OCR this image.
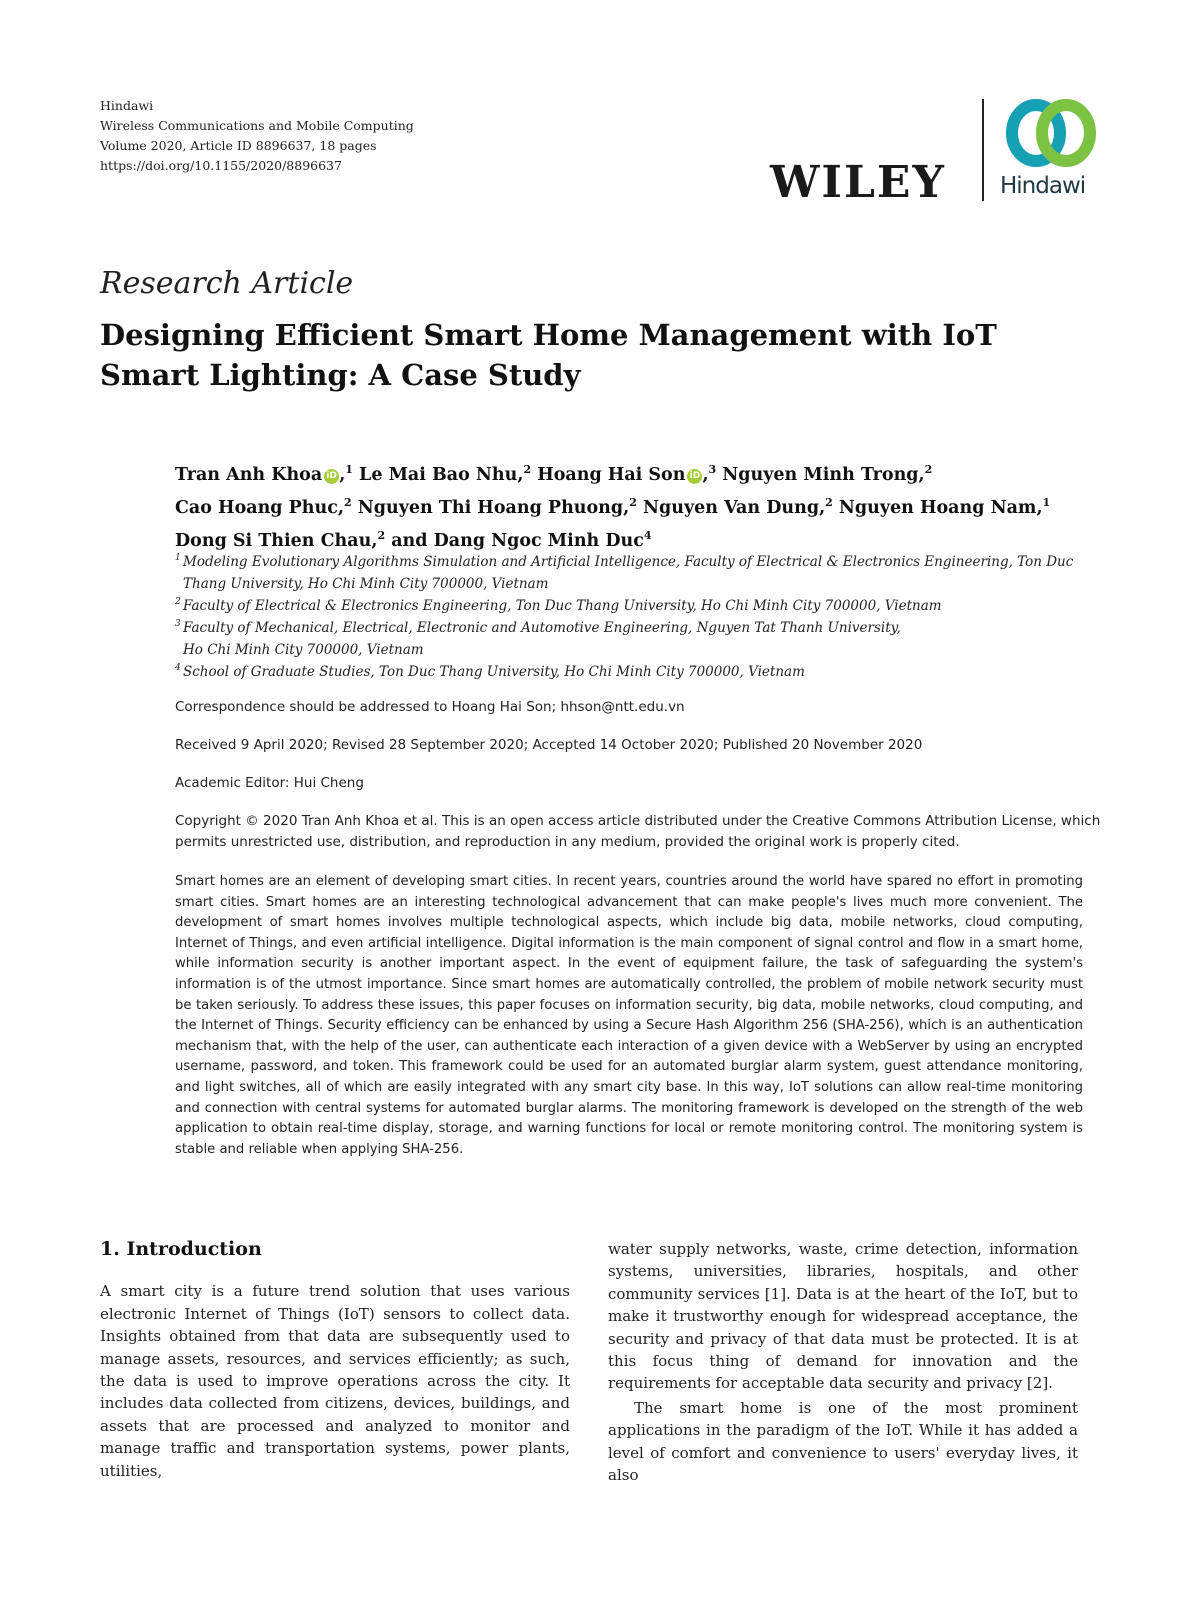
Hindawi
Wireless Communications and Mobile Computing
Volume 2020, Article ID 8896637, 18 pages
https://doi.org/10.1155/2020/8896637	WILEY Hindawi
Research Article
Designing Efficient Smart Home Management with IoT Smart Lighting: A Case Study
Tran Anh Khoa iD ,$^1$ Le Mai Bao Nhu,$^2$ Hoang Hai Son iD ,$^3$ Nguyen Minh Trong,$^2$
Cao Hoang Phuc,$^2$ Nguyen Thi Hoang Phuong,$^2$ Nguyen Van Dung,$^2$ Nguyen Hoang Nam,$^1$
Dong Si Thien Chau,$^2$ and Dang Ngoc Minh Duc$^4$
1 Modeling Evolutionary Algorithms Simulation and Artificial Intelligence, Faculty of Electrical & Electronics Engineering, Ton Duc
Thang University, Ho Chi Minh City 700000, Vietnam
2 Faculty of Electrical & Electronics Engineering, Ton Duc Thang University, Ho Chi Minh City 700000, Vietnam
3 Faculty of Mechanical, Electrical, Electronic and Automotive Engineering, Nguyen Tat Thanh University,
Ho Chi Minh City 700000, Vietnam
4 School of Graduate Studies, Ton Duc Thang University, Ho Chi Minh City 700000, Vietnam
Correspondence should be addressed to Hoang Hai Son; hhson@ntt.edu.vn
Received 9 April 2020; Revised 28 September 2020; Accepted 14 October 2020; Published 20 November 2020
Academic Editor: Hui Cheng
Copyright © 2020 Tran Anh Khoa et al. This is an open access article distributed under the Creative Commons Attribution License, which permits unrestricted use, distribution, and reproduction in any medium, provided the original work is properly cited.
Smart homes are an element of developing smart cities. In recent years, countries around the world have spared no effort in promoting smart cities. Smart homes are an interesting technological advancement that can make people's lives much more convenient. The development of smart homes involves multiple technological aspects, which include big data, mobile networks, cloud computing, Internet of Things, and even artificial intelligence. Digital information is the main component of signal control and flow in a smart home, while information security is another important aspect. In the event of equipment failure, the task of safeguarding the system's information is of the utmost importance. Since smart homes are automatically controlled, the problem of mobile network security must be taken seriously. To address these issues, this paper focuses on information security, big data, mobile networks, cloud computing, and the Internet of Things. Security efficiency can be enhanced by using a Secure Hash Algorithm 256 (SHA-256), which is an authentication mechanism that, with the help of the user, can authenticate each interaction of a given device with a WebServer by using an encrypted username, password, and token. This framework could be used for an automated burglar alarm system, guest attendance monitoring, and light switches, all of which are easily integrated with any smart city base. In this way, IoT solutions can allow real-time monitoring and connection with central systems for automated burglar alarms. The monitoring framework is developed on the strength of the web application to obtain real-time display, storage, and warning functions for local or remote monitoring control. The monitoring system is stable and reliable when applying SHA-256.
1. Introduction
A smart city is a future trend solution that uses various electronic Internet of Things (IoT) sensors to collect data. Insights obtained from that data are subsequently used to manage assets, resources, and services efficiently; as such, the data is used to improve operations across the city. It includes data collected from citizens, devices, buildings, and assets that are processed and analyzed to monitor and manage traffic and transportation systems, power plants, utilities,
water supply networks, waste, crime detection, information systems, universities, libraries, hospitals, and other community services [1]. Data is at the heart of the IoT, but to make it trustworthy enough for widespread acceptance, the security and privacy of that data must be protected. It is at this focus thing of demand for innovation and the requirements for acceptable data security and privacy [2].
The smart home is one of the most prominent applications in the paradigm of the IoT. While it has added a level of comfort and convenience to users' everyday lives, it also
